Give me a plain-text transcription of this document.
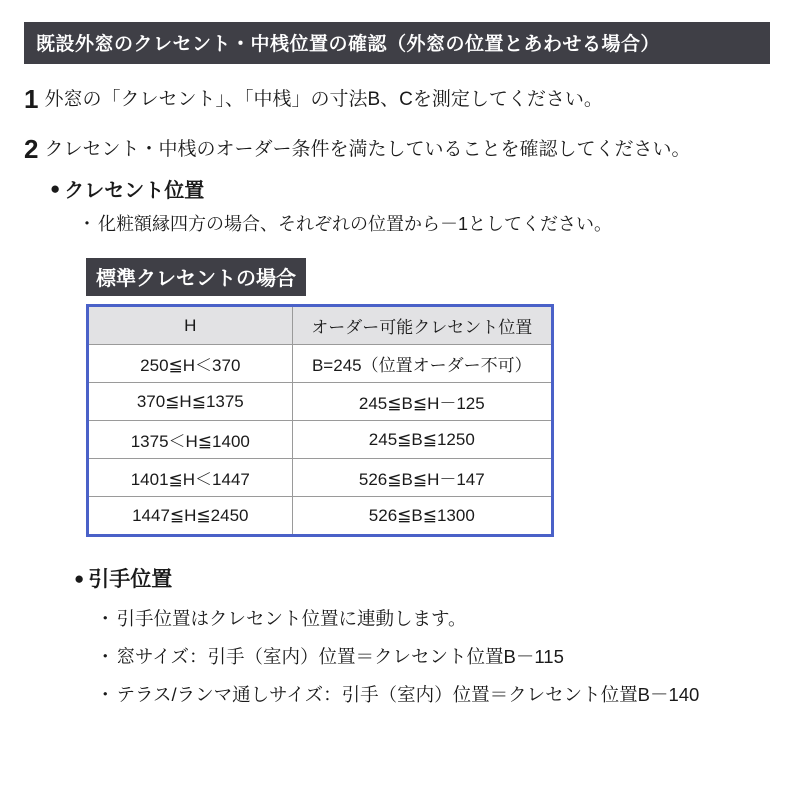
既設外窓のクレセント・中桟位置の確認（外窓の位置とあわせる場合）
1 外窓の「クレセント」、「中桟」の寸法B、Cを測定してください。
2 クレセント・中桟のオーダー条件を満たしていることを確認してください。
● クレセント位置
・ 化粧額縁四方の場合、それぞれの位置から－1としてください。
標準クレセントの場合
H	オーダー可能クレセント位置
250≦H＜370	B=245（位置オーダー不可）
370≦H≦1375	245≦B≦H－125
1375＜H≦1400	245≦B≦1250
1401≦H＜1447	526≦B≦H－147
1447≦H≦2450	526≦B≦1300
● 引手位置
・ 引手位置はクレセント位置に連動します。
・ 窓サイズ：引手（室内）位置＝クレセント位置B－115
・ テラス/ランマ通しサイズ：引手（室内）位置＝クレセント位置B－140
